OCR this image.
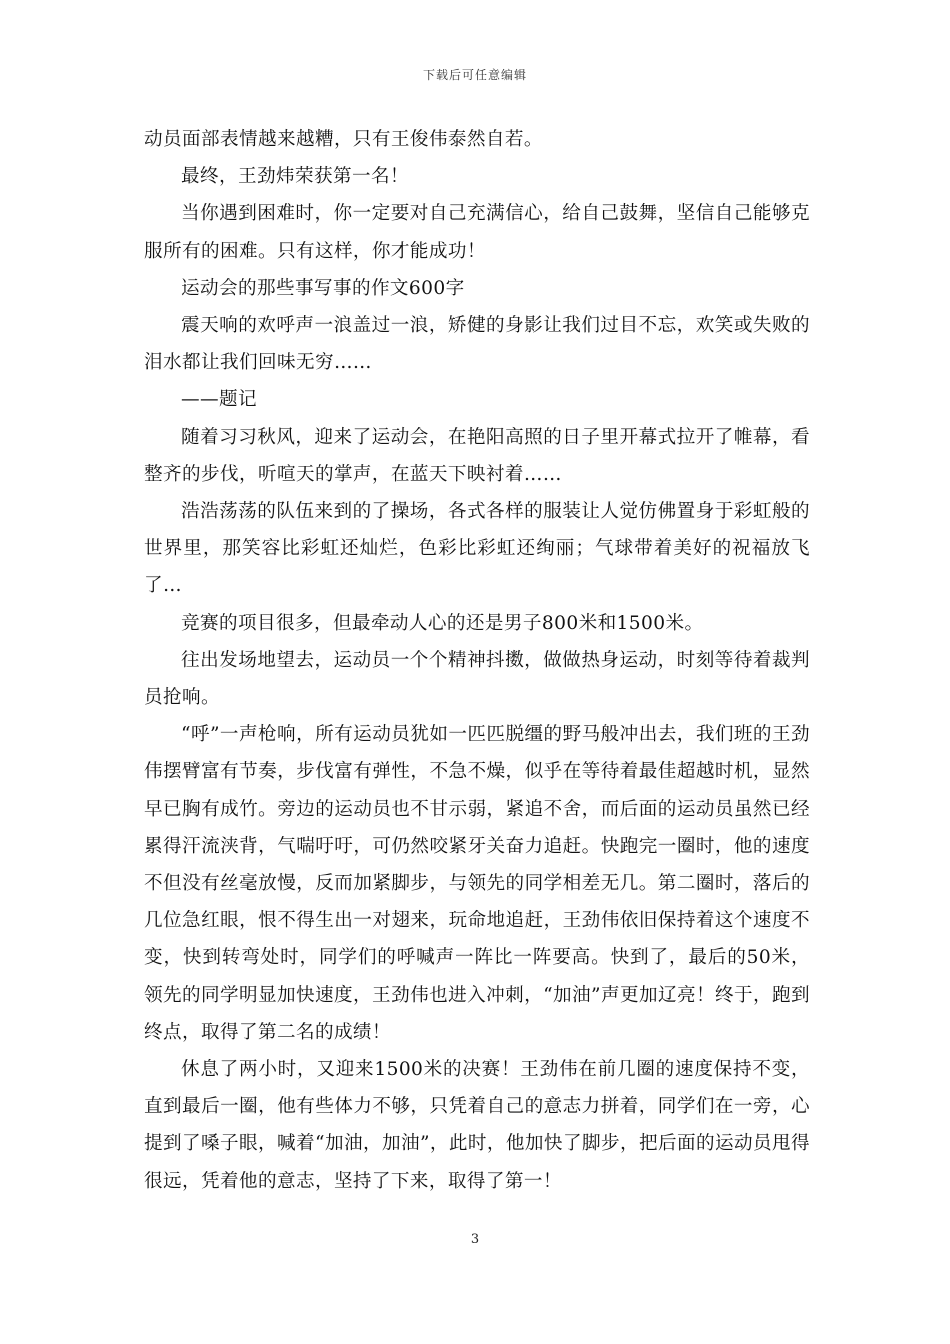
下载后可任意编辑

动员面部表情越来越糟，只有王俊伟泰然自若。

最终，王劲炜荣获第一名！

当你遇到困难时，你一定要对自己充满信心，给自己鼓舞，坚信自己能够克服所有的困难。只有这样，你才能成功！

运动会的那些事写事的作文600字

震天响的欢呼声一浪盖过一浪，矫健的身影让我们过目不忘，欢笑或失败的泪水都让我们回味无穷……

——题记

随着习习秋风，迎来了运动会，在艳阳高照的日子里开幕式拉开了帷幕，看整齐的步伐，听喧天的掌声，在蓝天下映衬着……

浩浩荡荡的队伍来到的了操场，各式各样的服装让人觉仿佛置身于彩虹般的世界里，那笑容比彩虹还灿烂，色彩比彩虹还绚丽；气球带着美好的祝福放飞了…

竞赛的项目很多，但最牵动人心的还是男子800米和1500米。

往出发场地望去，运动员一个个精神抖擞，做做热身运动，时刻等待着裁判员抢响。

“呼”一声枪响，所有运动员犹如一匹匹脱缰的野马般冲出去，我们班的王劲伟摆臂富有节奏，步伐富有弹性，不急不燥，似乎在等待着最佳超越时机，显然早已胸有成竹。旁边的运动员也不甘示弱，紧追不舍，而后面的运动员虽然已经累得汗流浃背，气喘吁吁，可仍然咬紧牙关奋力追赶。快跑完一圈时，他的速度不但没有丝毫放慢，反而加紧脚步，与领先的同学相差无几。第二圈时，落后的几位急红眼，恨不得生出一对翅来，玩命地追赶，王劲伟依旧保持着这个速度不变，快到转弯处时，同学们的呼喊声一阵比一阵要高。快到了，最后的50米，领先的同学明显加快速度，王劲伟也进入冲刺，“加油”声更加辽亮！终于，跑到终点，取得了第二名的成绩！

休息了两小时，又迎来1500米的决赛！王劲伟在前几圈的速度保持不变，直到最后一圈，他有些体力不够，只凭着自己的意志力拼着，同学们在一旁，心提到了嗓子眼，喊着“加油，加油”，此时，他加快了脚步，把后面的运动员甩得很远，凭着他的意志，坚持了下来，取得了第一！

3
